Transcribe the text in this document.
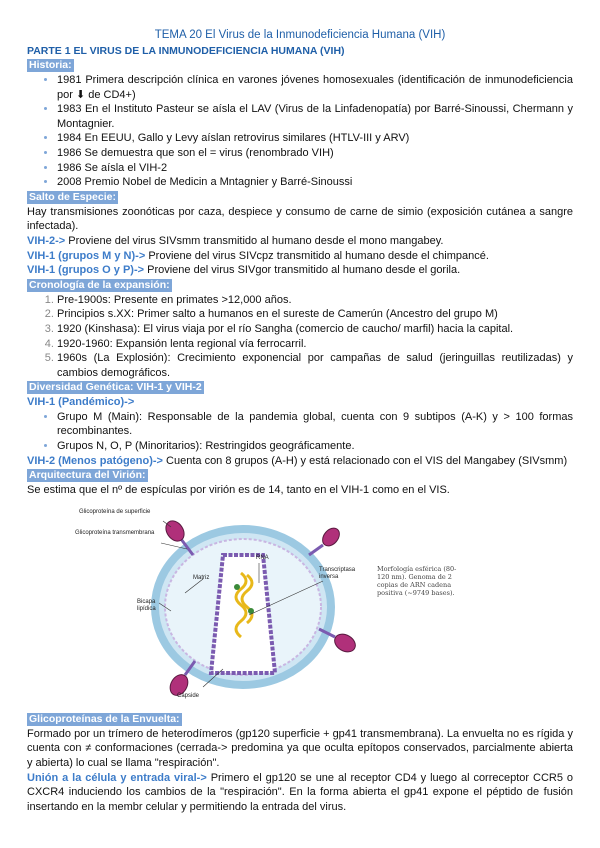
TEMA 20 El Virus de la Inmunodeficiencia Humana (VIH)
PARTE 1 EL VIRUS DE LA INMUNODEFICIENCIA HUMANA (VIH)
Historia:
• 1981 Primera descripción clínica en varones jóvenes homosexuales (identificación de inmunodeficiencia por ⬇ de CD4+)
• 1983 En el Instituto Pasteur se aísla el LAV (Virus de la Linfadenopatía) por Barré-Sinoussi, Chermann y Montagnier.
• 1984 En EEUU, Gallo y Levy aíslan retrovirus similares (HTLV-III y ARV)
• 1986 Se demuestra que son el = virus (renombrado VIH)
• 1986 Se aísla el VIH-2
• 2008 Premio Nobel de Medicin a Mntagnier y Barré-Sinoussi
Salto de Especie:

Hay transmisiones zoonóticas por caza, despiece y consumo de carne de simio (exposición cutánea a sangre infectada).

VIH-2-> Proviene del virus SIVsmm transmitido al humano desde el mono mangabey.

VIH-1 (grupos M y N)-> Proviene del virus SIVcpz transmitido al humano desde el chimpancé.

VIH-1 (grupos O y P)-> Proviene del virus SIVgor transmitido al humano desde el gorila.

Cronología de la expansión:
1. Pre-1900s: Presente en primates >12,000 años.
2. Principios s.XX: Primer salto a humanos en el sureste de Camerún (Ancestro del grupo M)
3. 1920 (Kinshasa): El virus viaja por el río Sangha (comercio de caucho/ marfil) hacia la capital.
4. 1920-1960: Expansión lenta regional vía ferrocarril.
5. 1960s (La Explosión): Crecimiento exponencial por campañas de salud (jeringuillas reutilizadas) y cambios demográficos.
Diversidad Genética: VIH-1 y VIH-2

VIH-1 (Pandémico)->

• Grupo M (Main): Responsable de la pandemia global, cuenta con 9 subtipos (A-K) y > 100 formas recombinantes.
• Grupos N, O, P (Minoritarios): Restringidos geográficamente.

VIH-2 (Menos patógeno)-> Cuenta con 8 grupos (A-H) y está relacionado con el VIS del Mangabey (SIVsmm)

Arquitectura del Virión:

Se estima que el nº de espículas por virión es de 14, tanto en el VIH-1 como en el VIS.

Glicoproteína de superficie
Glicoproteína transmembrana
Matriz
Bicapa lipídica
RNA
Transcriptasa inversa
Cápside
Morfología esférica (80-120 nm). Genoma de 2 copias de ARN cadena positiva (~9749 bases).
Glicoproteínas de la Envuelta:

Formado por un trímero de heterodímeros (gp120 superficie + gp41 transmembrana). La envuelta no es rígida y cuenta con ≠ conformaciones (cerrada-> predomina ya que oculta epítopos conservados, parcialmente abierta y abierta) lo cual se llama "respiración".

Unión a la célula y entrada viral-> Primero el gp120 se une al receptor CD4 y luego al correceptor CCR5 o CXCR4 induciendo los cambios de la "respiración". En la forma abierta el gp41 expone el péptido de fusión insertando en la membr celular y permitiendo la entrada del virus.
